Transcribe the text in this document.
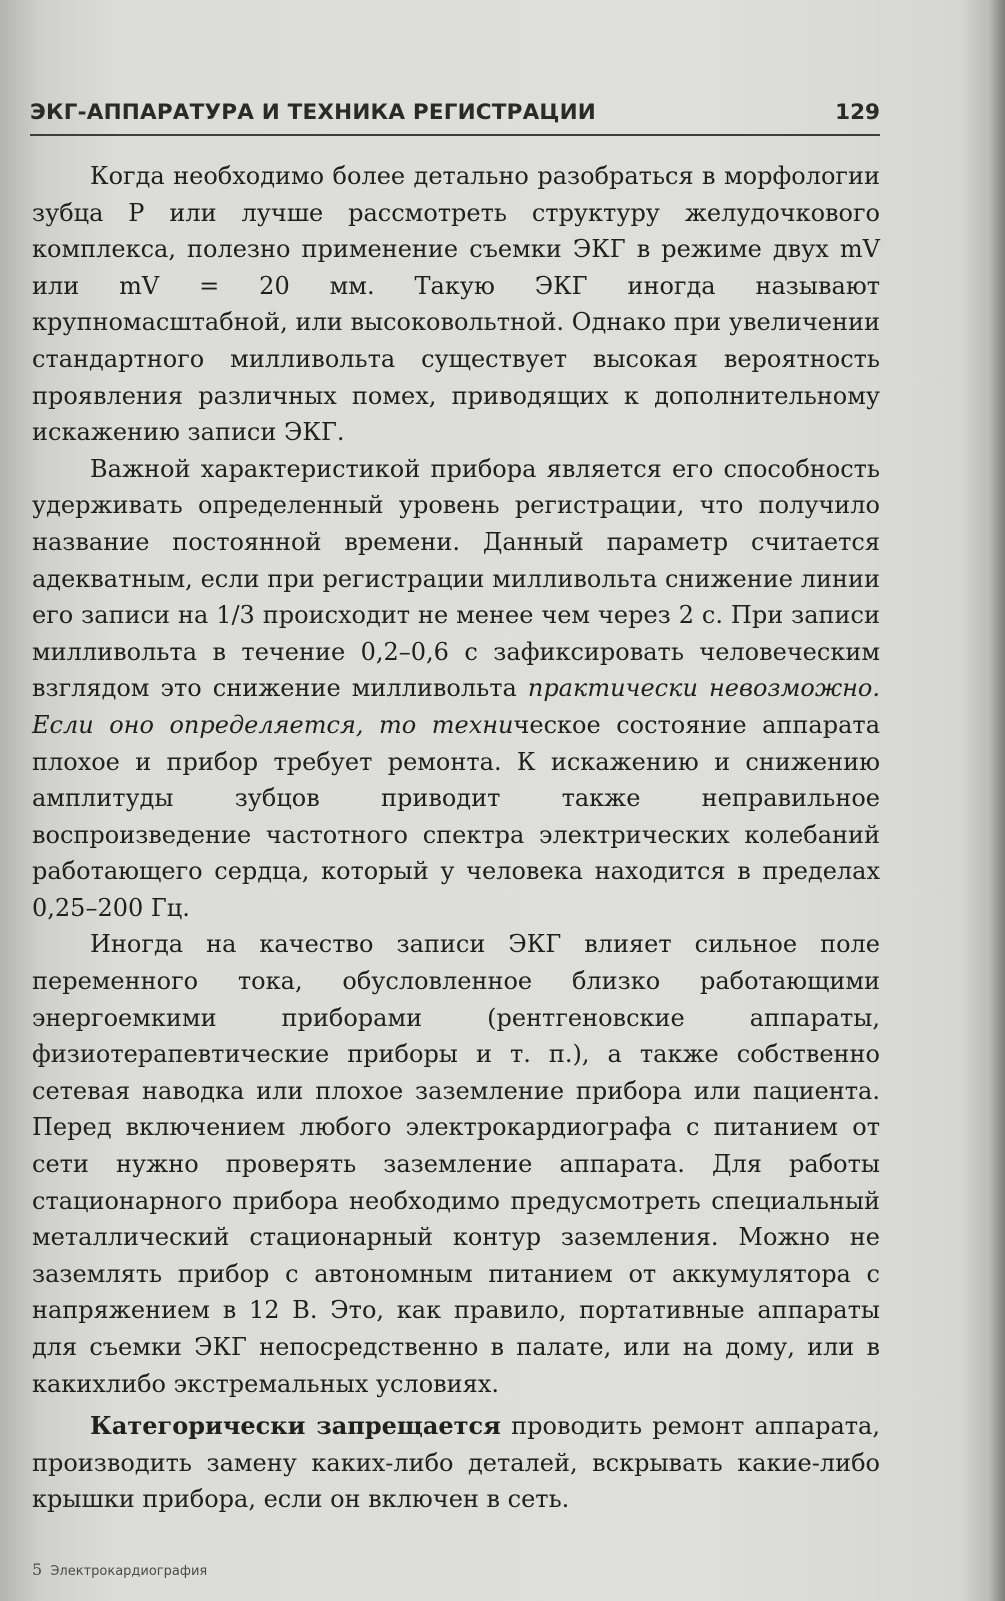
ЭКГ-АППАРАТУРА И ТЕХНИКА РЕГИСТРАЦИИ	129

Когда необходимо более детально разобраться в морфологии зубца P или лучше рассмотреть структуру желудочкового комплекса, полезно применение съемки ЭКГ в режиме двух mV или mV = 20 мм. Такую ЭКГ иногда называют крупномасштабной, или высоковольтной. Однако при увеличении стандартного милливольта существует высокая вероятность проявления различных помех, приводящих к дополнительному искажению записи ЭКГ.

Важной характеристикой прибора является его способность удерживать определенный уровень регистрации, что получило название постоянной времени. Данный параметр считается адекватным, если при регистрации милливольта снижение линии его записи на 1/3 происходит не менее чем через 2 с. При записи милливольта в течение 0,2–0,6 с зафиксировать человеческим взглядом это снижение милливольта практически невозможно. Если оно определяется, то техническое состояние аппарата плохое и прибор требует ремонта. К искажению и снижению амплитуды зубцов приводит также неправильное воспроизведение частотного спектра электрических колебаний работающего сердца, который у человека находится в пределах 0,25–200 Гц.

Иногда на качество записи ЭКГ влияет сильное поле переменного тока, обусловленное близко работающими энергоемкими приборами (рентгеновские аппараты, физиотерапевтические приборы и т. п.), а также собственно сетевая наводка или плохое заземление прибора или пациента. Перед включением любого электрокардиографа с питанием от сети нужно проверять заземление аппарата. Для работы стационарного прибора необходимо предусмотреть специальный металлический стационарный контур заземления. Можно не заземлять прибор с автономным питанием от аккумулятора с напряжением в 12 В. Это, как правило, портативные аппараты для съемки ЭКГ непосредственно в палате, или на дому, или в какихлибо экстремальных условиях.

Категорически запрещается проводить ремонт аппарата, производить замену каких-либо деталей, вскрывать какие-либо крышки прибора, если он включен в сеть.

5 Электрокардиография
